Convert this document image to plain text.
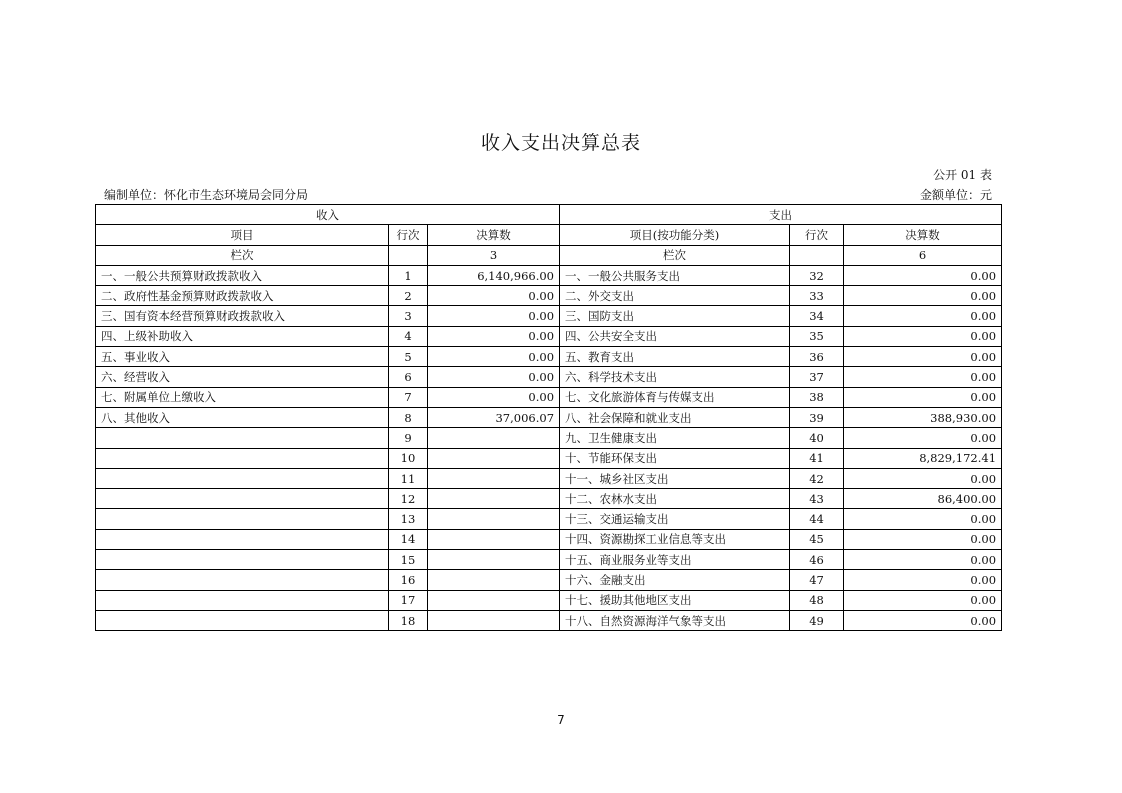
收入支出决算总表
公开 01 表
编制单位：怀化市生态环境局会同分局	金额单位：元
收入			支出		
项目	行次	决算数	项目(按功能分类)	行次	决算数
栏次		3	栏次		6
一、一般公共预算财政拨款收入	1	6,140,966.00	一、一般公共服务支出	32	0.00
二、政府性基金预算财政拨款收入	2	0.00	二、外交支出	33	0.00
三、国有资本经营预算财政拨款收入	3	0.00	三、国防支出	34	0.00
四、上级补助收入	4	0.00	四、公共安全支出	35	0.00
五、事业收入	5	0.00	五、教育支出	36	0.00
六、经营收入	6	0.00	六、科学技术支出	37	0.00
七、附属单位上缴收入	7	0.00	七、文化旅游体育与传媒支出	38	0.00
八、其他收入	8	37,006.07	八、社会保障和就业支出	39	388,930.00
	9		九、卫生健康支出	40	0.00
	10		十、节能环保支出	41	8,829,172.41
	11		十一、城乡社区支出	42	0.00
	12		十二、农林水支出	43	86,400.00
	13		十三、交通运输支出	44	0.00
	14		十四、资源勘探工业信息等支出	45	0.00
	15		十五、商业服务业等支出	46	0.00
	16		十六、金融支出	47	0.00
	17		十七、援助其他地区支出	48	0.00
	18		十八、自然资源海洋气象等支出	49	0.00
7
